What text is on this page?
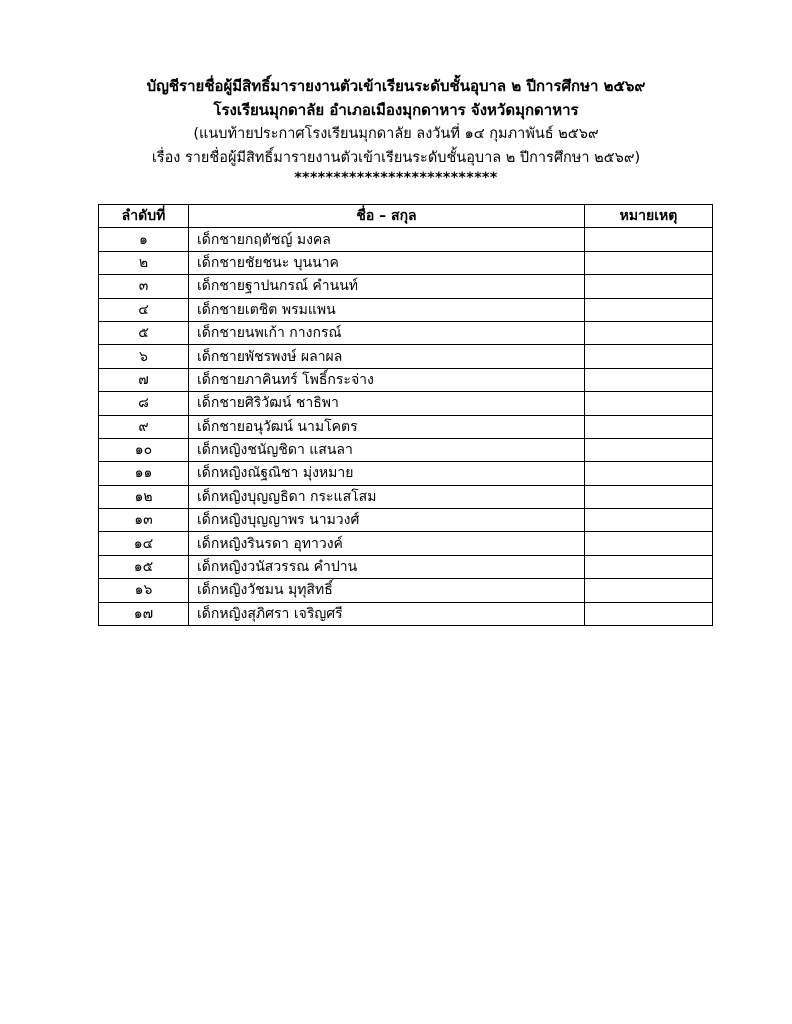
บัญชีรายชื่อผู้มีสิทธิ์มารายงานตัวเข้าเรียนระดับชั้นอุบาล ๒ ปีการศึกษา ๒๕๖๙
โรงเรียนมุกดาลัย อำเภอเมืองมุกดาหาร จังหวัดมุกดาหาร
(แนบท้ายประกาศโรงเรียนมุกดาลัย ลงวันที่ ๑๔ กุมภาพันธ์ ๒๕๖๙
เรื่อง รายชื่อผู้มีสิทธิ์มารายงานตัวเข้าเรียนระดับชั้นอุบาล ๒ ปีการศึกษา ๒๕๖๙)
**************************
ลำดับที่	ชื่อ – สกุล	หมายเหตุ
๑	เด็กชายกฤตัชญ์ มงคล	
๒	เด็กชายชัยชนะ บุนนาค	
๓	เด็กชายฐาปนกรณ์ คำนนท์	
๔	เด็กชายเตชิต พรมแพน	
๕	เด็กชายนพเก้า กางกรณ์	
๖	เด็กชายพัชรพงษ์ ผลาผล	
๗	เด็กชายภาคินทร์ โพธิ์กระจ่าง	
๘	เด็กชายศิริวัฒน์ ชาธิพา	
๙	เด็กชายอนุวัฒน์ นามโคตร	
๑๐	เด็กหญิงชนัญชิดา แสนลา	
๑๑	เด็กหญิงณัฐณิชา มุ่งหมาย	
๑๒	เด็กหญิงบุญญธิดา กระแสโสม	
๑๓	เด็กหญิงบุญญาพร นามวงศ์	
๑๔	เด็กหญิงรินรดา อุทาวงค์	
๑๕	เด็กหญิงวนัสวรรณ คำปาน	
๑๖	เด็กหญิงวัชมน มุทุสิทธิ์	
๑๗	เด็กหญิงสุภิศรา เจริญศรี	
